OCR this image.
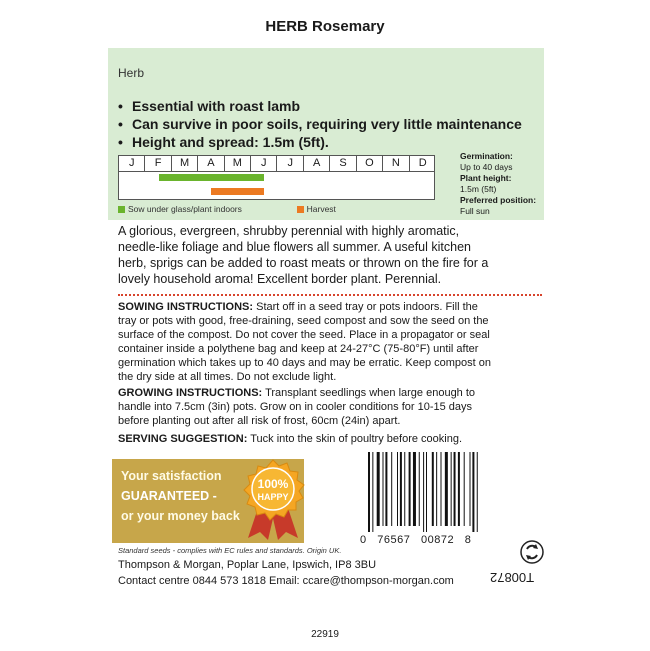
HERB Rosemary
Herb
• Essential with roast lamb
• Can survive in poor soils, requiring very little maintenance
• Height and spread: 1.5m (5ft).
J	F	M	A	M	J	J	A	S	O	N	D
Sow under glass/plant indoors	Harvest
Germination:
Up to 40 days
Plant height:
1.5m (5ft)
Preferred position:
Full sun
A glorious, evergreen, shrubby perennial with highly aromatic, needle-like foliage and blue flowers all summer. A useful kitchen herb, sprigs can be added to roast meats or thrown on the fire for a lovely household aroma! Excellent border plant. Perennial.
SOWING INSTRUCTIONS: Start off in a seed tray or pots indoors. Fill the tray or pots with good, free-draining, seed compost and sow the seed on the surface of the compost. Do not cover the seed. Place in a propagator or seal container inside a polythene bag and keep at 24-27°C (75-80°F) until after germination which takes up to 40 days and may be erratic. Keep compost on the dry side at all times. Do not exclude light.
GROWING INSTRUCTIONS: Transplant seedlings when large enough to handle into 7.5cm (3in) pots. Grow on in cooler conditions for 10-15 days before planting out after all risk of frost, 60cm (24in) apart.
SERVING SUGGESTION: Tuck into the skin of poultry before cooking.
Your satisfaction
GUARANTEED -
or your money back
100%
HAPPY
0   76567   00872   8
Standard seeds - complies with EC rules and standards. Origin UK.
Thompson & Morgan, Poplar Lane, Ipswich, IP8 3BU
Contact centre 0844 573 1818 Email: ccare@thompson-morgan.com	T00872
22919
